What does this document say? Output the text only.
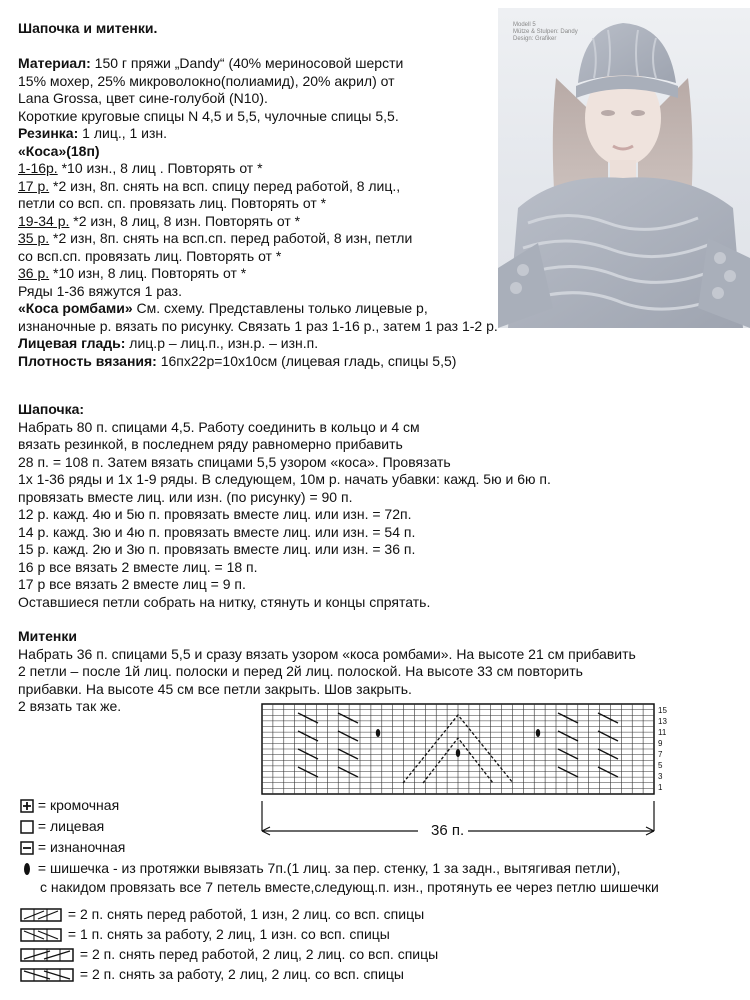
Шапочка и митенки.	Modell 5
Mütze & Stulpen: Dandy
Design: Grafiker
Материал: 150 г пряжи „Dandy“ (40% мериносовой шерсти
15% мохер, 25% микроволокно(полиамид), 20% акрил) от
Lana Grossa, цвет сине-голубой (N10).
Короткие круговые спицы N 4,5 и 5,5, чулочные спицы 5,5.
Резинка: 1 лиц., 1 изн.
«Коса»(18п)
1-16р. *10 изн., 8 лиц . Повторять от *
17 р. *2 изн, 8п. снять на всп. спицу перед работой, 8 лиц.,
петли со всп. сп. провязать лиц. Повторять от *
19-34 р. *2 изн, 8 лиц, 8 изн. Повторять от *
35 р. *2 изн, 8п. снять на всп.сп. перед работой, 8 изн, петли
со всп.сп. провязать лиц. Повторять от *
36 р. *10 изн, 8 лиц. Повторять от *
Ряды 1-36 вяжутся 1 раз.
«Коса ромбами» См. схему. Представлены только лицевые р,
изнаночные р. вязать по рисунку. Связать 1 раз 1-16 р., затем 1 раз 1-2 р.
Лицевая гладь: лиц.р – лиц.п., изн.р. – изн.п.
Плотность вязания: 16пх22р=10х10см (лицевая гладь, спицы 5,5)
Шапочка:
Набрать 80 п. спицами 4,5. Работу соединить в кольцо и 4 см
вязать резинкой, в последнем ряду равномерно прибавить
28 п. = 108 п. Затем вязать спицами 5,5 узором «коса». Провязать
1х 1-36 ряды и 1х 1-9 ряды. В следующем, 10м р. начать убавки: кажд. 5ю и 6ю п.
провязать вместе лиц. или изн. (по рисунку) = 90 п.
12 р. кажд. 4ю и 5ю п. провязать вместе лиц. или изн. = 72п.
14 р. кажд. 3ю и 4ю п. провязать вместе лиц. или изн. = 54 п.
15 р. кажд. 2ю и 3ю п. провязать вместе лиц. или изн. = 36 п.
16 р все вязать 2 вместе лиц. = 18 п.
17 р все вязать 2 вместе лиц = 9 п.
Оставшиеся петли собрать на нитку, стянуть и концы спрятать.
Митенки
Набрать 36 п. спицами 5,5 и сразу вязать узором «коса ромбами». На высоте 21 см прибавить
2 петли – после 1й лиц. полоски и перед 2й лиц. полоской. На высоте 33 см повторить
прибавки. На высоте 45 см все петли закрыть. Шов закрыть.
2 вязать так же.	15
13
11
9
7
5
3
1
36 п.
= кромочная
= лицевая
= изнаночная
= шишечка - из протяжки вывязать 7п.(1 лиц. за пер. стенку, 1 за задн., вытягивая петли),
с накидом провязать все 7 петель вместе,следующ.п. изн., протянуть ее через петлю шишечки
= 2 п. снять перед работой, 1 изн, 2 лиц. со всп. спицы
= 1 п. снять за работу, 2 лиц, 1 изн. со всп. спицы
= 2 п. снять перед работой, 2 лиц, 2 лиц. со всп. спицы
= 2 п. снять за работу, 2 лиц, 2 лиц. со всп. спицы
